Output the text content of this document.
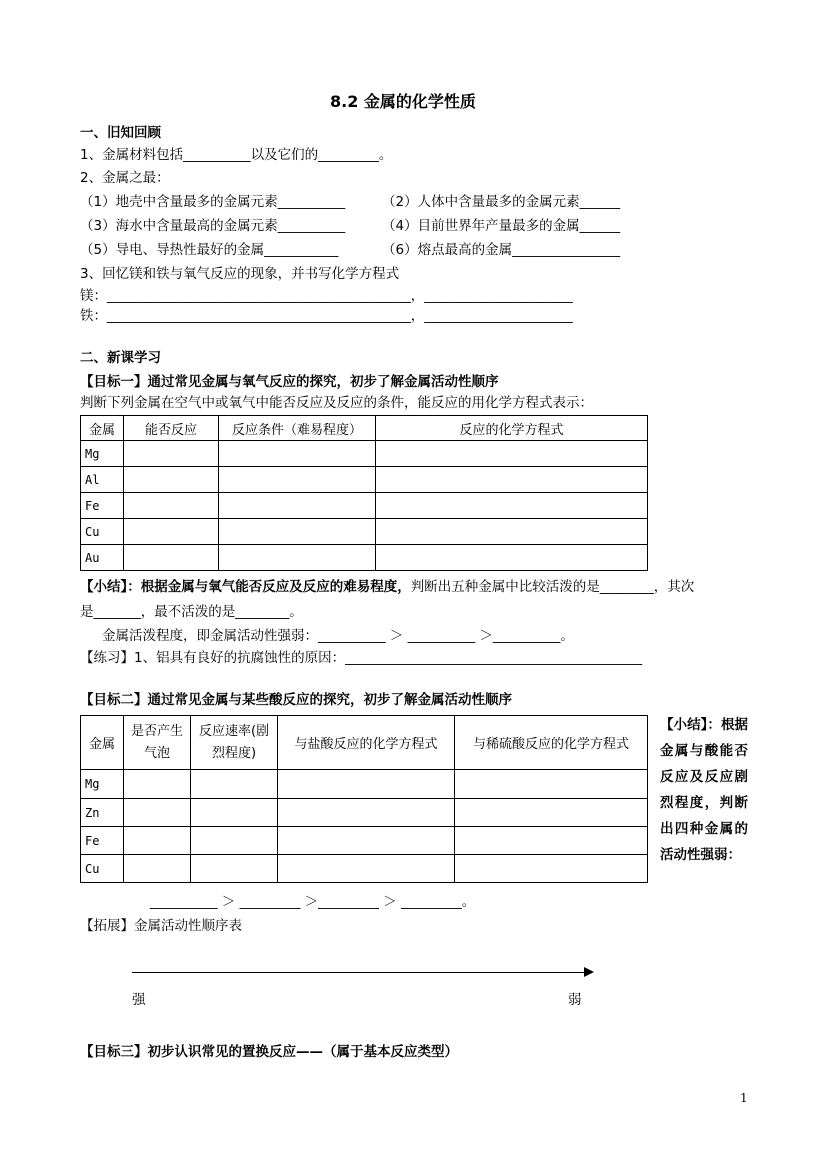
8.2 金属的化学性质
一、旧知回顾
1、金属材料包括__________以及它们的_________。
2、金属之最：
（1）地壳中含量最多的金属元素__________	（2）人体中含量最多的金属元素______
（3）海水中含量最高的金属元素__________	（4）目前世界年产量最多的金属______
（5）导电、导热性最好的金属___________	（6）熔点最高的金属________________
3、回忆镁和铁与氧气反应的现象，并书写化学方程式
镁：_____________________________________________，______________________
铁：_____________________________________________，______________________
二、新课学习
【目标一】通过常见金属与氧气反应的探究，初步了解金属活动性顺序
判断下列金属在空气中或氧气中能否反应及反应的条件，能反应的用化学方程式表示：
金属	能否反应	反应条件（难易程度）	反应的化学方程式
Mg			
Al			
Fe			
Cu			
Au			
【小结】：根据金属与氧气能否反应及反应的难易程度，判断出五种金属中比较活泼的是________，其次
是_______，最不活泼的是________。
金属活泼程度，即金属活动性强弱：__________ ＞ __________ ＞__________。
【练习】1、铝具有良好的抗腐蚀性的原因：____________________________________________
【目标二】通过常见金属与某些酸反应的探究，初步了解金属活动性顺序
金属	是否产生气泡	反应速率(剧烈程度)	与盐酸反应的化学方程式	与稀硫酸反应的化学方程式
Mg				
Zn				
Fe				
Cu				
【小结】：根据金属与酸能否反应及反应剧烈程度，判断出四种金属的活动性强弱：
__________ ＞ _________ ＞_________ ＞ _________。
【拓展】金属活动性顺序表
强	弱
【目标三】初步认识常见的置换反应——（属于基本反应类型）
1
